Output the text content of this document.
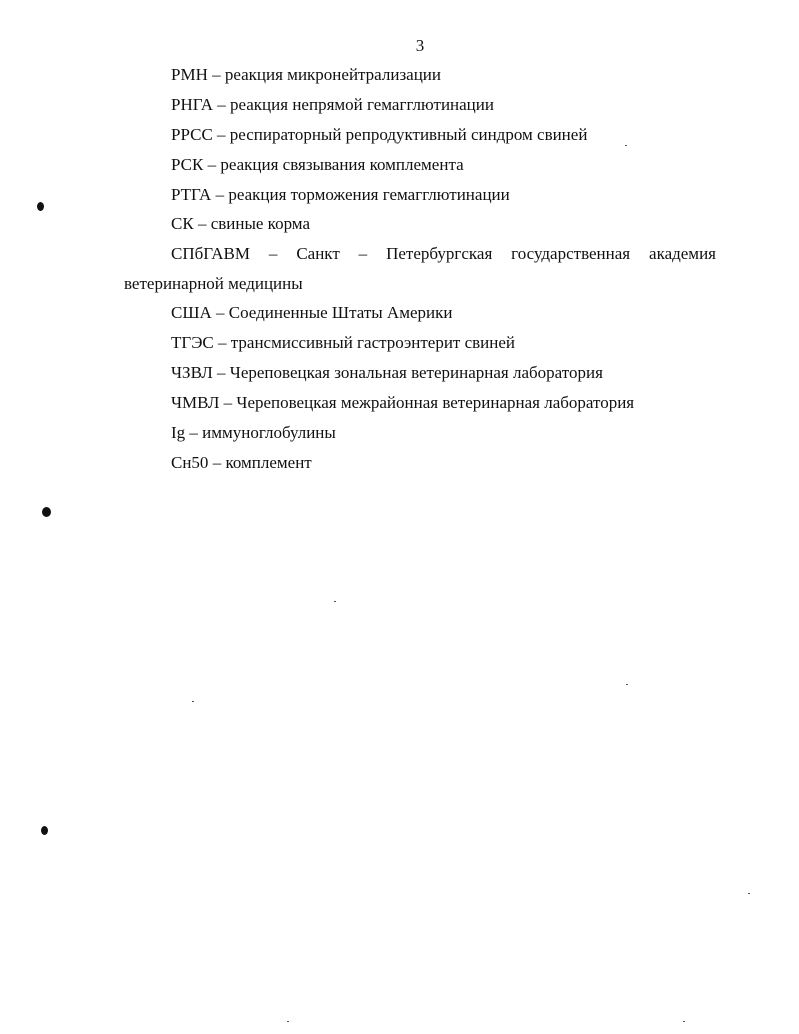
3
РМН – реакция микронейтрализации
РНГА – реакция непрямой гемагглютинации
РРСС – респираторный репродуктивный синдром свиней
РСК – реакция связывания комплемента
РТГА – реакция торможения гемагглютинации
СК – свиные корма
СПбГАВМ – Санкт – Петербургская государственная академия ветеринарной медицины
США – Соединенные Штаты Америки
ТГЭС – трансмиссивный гастроэнтерит свиней
ЧЗВЛ – Череповецкая зональная ветеринарная лаборатория
ЧМВЛ – Череповецкая межрайонная ветеринарная лаборатория
Ig – иммуноглобулины
Сн50 – комплемент
